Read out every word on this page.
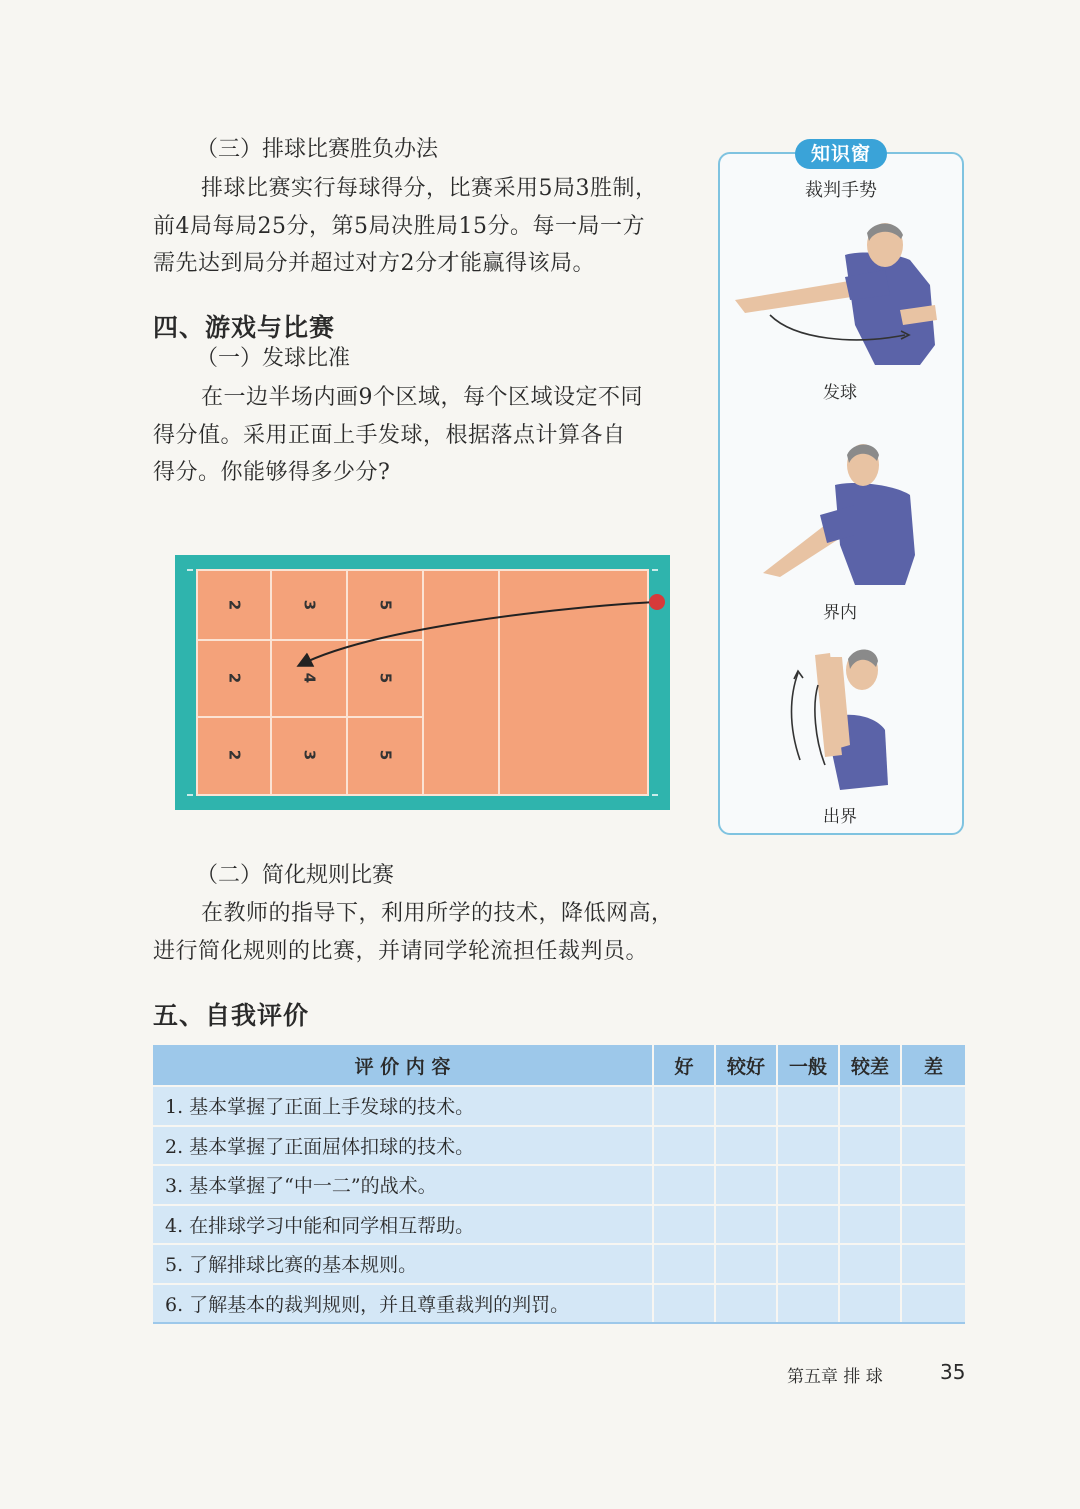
（三）排球比赛胜负办法

排球比赛实行每球得分，比赛采用5局3胜制，

前4局每局25分，第5局决胜局15分。每一局一方

需先达到局分并超过对方2分才能赢得该局。

四、游戏与比赛
（一）发球比准

在一边半场内画9个区域，每个区域设定不同

得分值。采用正面上手发球，根据落点计算各自

得分。你能够得多少分?

2	3	5
2	4	5
2	3	5
（二）简化规则比赛

在教师的指导下，利用所学的技术，降低网高，

进行简化规则的比赛，并请同学轮流担任裁判员。

知识窗
裁判手势
发球
界内
出界
五、自我评价
评 价 内 容	好	较好	一般	较差	差
1. 基本掌握了正面上手发球的技术。					
2. 基本掌握了正面屈体扣球的技术。					
3. 基本掌握了“中一二”的战术。					
4. 在排球学习中能和同学相互帮助。					
5. 了解排球比赛的基本规则。					
6. 了解基本的裁判规则，并且尊重裁判的判罚。					
第五章 排 球	35
